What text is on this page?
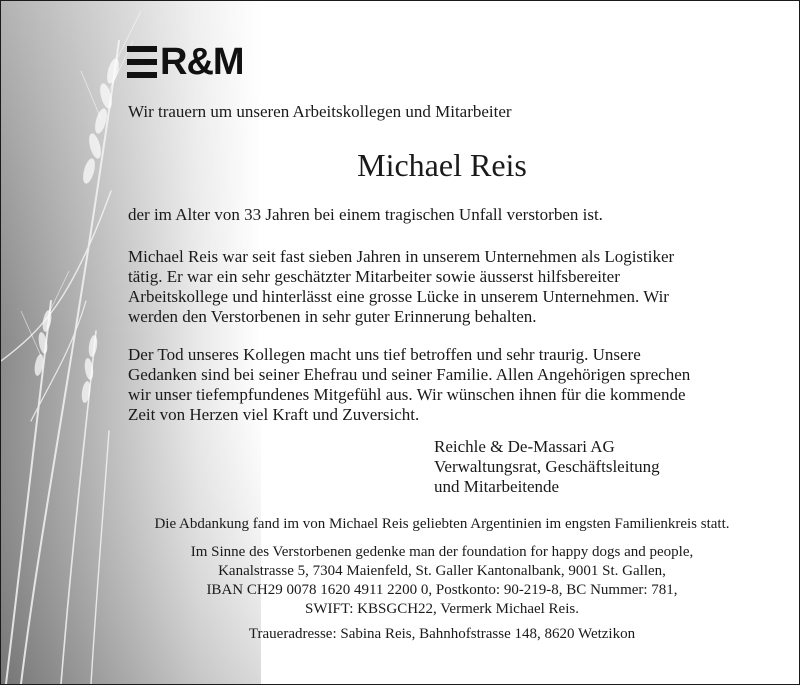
R&M

Wir trauern um unseren Arbeitskollegen und Mitarbeiter

Michael Reis

der im Alter von 33 Jahren bei einem tragischen Unfall verstorben ist.

Michael Reis war seit fast sieben Jahren in unserem Unternehmen als Logistiker
tätig. Er war ein sehr geschätzter Mitarbeiter sowie äusserst hilfsbereiter
Arbeitskollege und hinterlässt eine grosse Lücke in unserem Unternehmen. Wir
werden den Verstorbenen in sehr guter Erinnerung behalten.
Der Tod unseres Kollegen macht uns tief betroffen und sehr traurig. Unsere
Gedanken sind bei seiner Ehefrau und seiner Familie. Allen Angehörigen sprechen
wir unser tiefempfundenes Mitgefühl aus. Wir wünschen ihnen für die kommende
Zeit von Herzen viel Kraft und Zuversicht.
Reichle & De-Massari AG
Verwaltungsrat, Geschäftsleitung
und Mitarbeitende

Die Abdankung fand im von Michael Reis geliebten Argentinien im engsten Familienkreis statt.

Im Sinne des Verstorbenen gedenke man der foundation for happy dogs and people,
Kanalstrasse 5, 7304 Maienfeld, St. Galler Kantonalbank, 9001 St. Gallen,
IBAN CH29 0078 1620 4911 2200 0, Postkonto: 90-219-8, BC Nummer: 781,
SWIFT: KBSGCH22, Vermerk Michael Reis.

Traueradresse: Sabina Reis, Bahnhofstrasse 148, 8620 Wetzikon
